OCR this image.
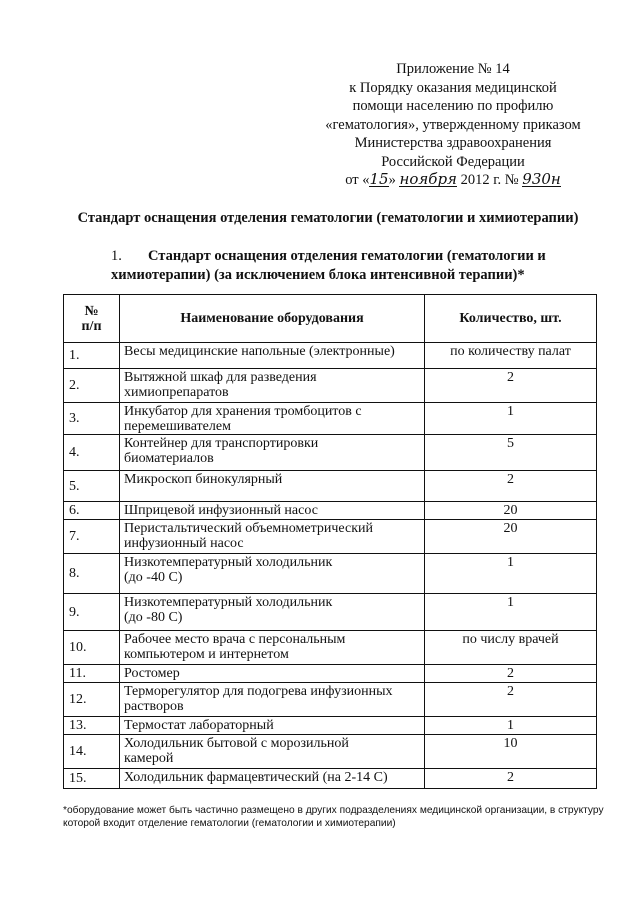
Приложение № 14
к Порядку оказания медицинской
помощи населению по профилю
«гематология», утвержденному приказом
Министерства здравоохранения
Российской Федерации
от «15» ноября 2012 г. № 930н
Стандарт оснащения отделения гематологии (гематологии и химиотерапии)
1.	Стандарт оснащения отделения гематологии (гематологии и
химиотерапии) (за исключением блока интенсивной терапии)*
№
п/п	Наименование оборудования	Количество, шт.
1.	Весы медицинские напольные (электронные)	по количеству палат
2.	Вытяжной шкаф для разведения
химиопрепаратов	2
3.	Инкубатор для хранения тромбоцитов с
перемешивателем	1
4.	Контейнер для транспортировки
биоматериалов	5
5.	Микроскоп бинокулярный	2
6.	Шприцевой инфузионный насос	20
7.	Перистальтический объемнометрический
инфузионный насос	20
8.	Низкотемпературный холодильник
(до -40 С)	1
9.	Низкотемпературный холодильник
(до -80 С)	1
10.	Рабочее место врача с персональным
компьютером и интернетом	по числу врачей
11.	Ростомер	2
12.	Терморегулятор для подогрева инфузионных
растворов	2
13.	Термостат лабораторный	1
14.	Холодильник бытовой с морозильной
камерой	10
15.	Холодильник фармацевтический (на 2-14 С)	2
*оборудование может быть частично размещено в других подразделениях медицинской организации, в структуру
которой входит отделение гематологии (гематологии и химиотерапии)
